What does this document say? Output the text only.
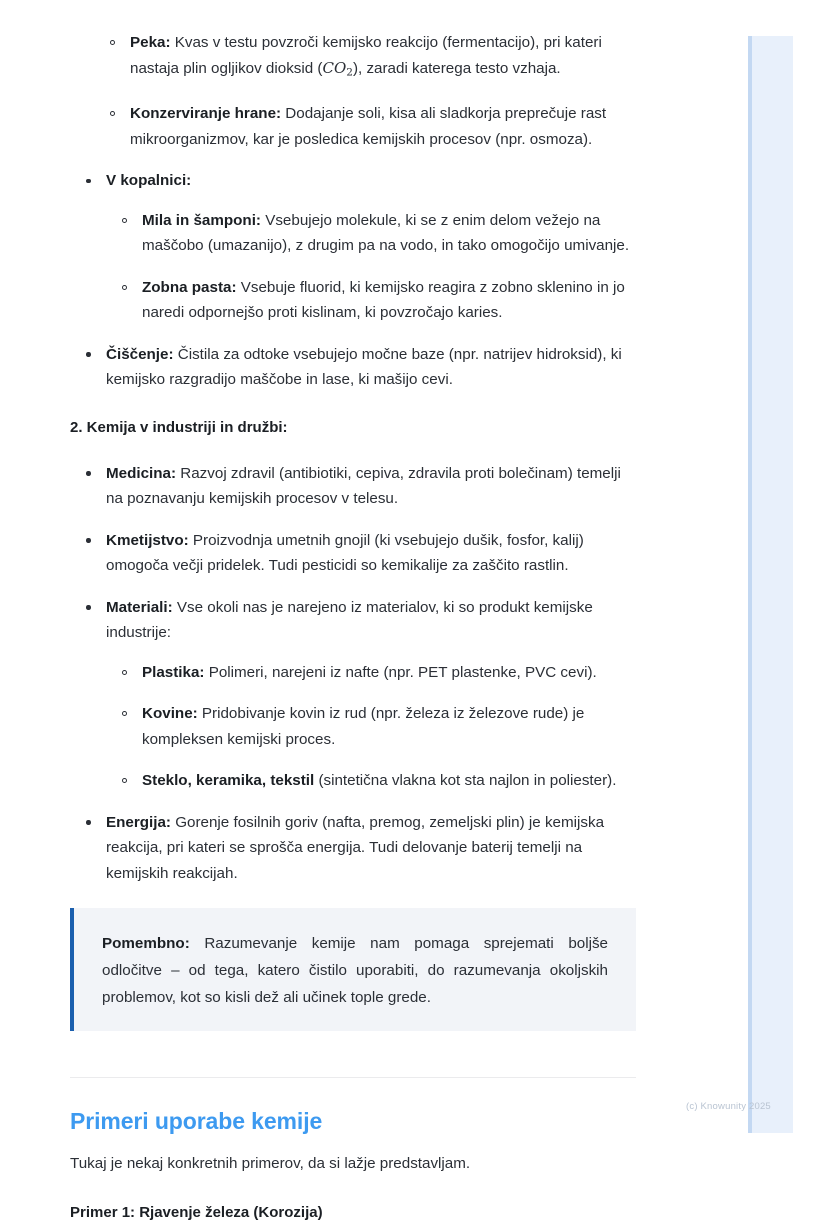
Peka: Kvas v testu povzroči kemijsko reakcijo (fermentacijo), pri kateri nastaja plin ogljikov dioksid $(CO_2)$, zaradi katerega testo vzhaja.
Konzerviranje hrane: Dodajanje soli, kisa ali sladkorja preprečuje rast mikroorganizmov, kar je posledica kemijskih procesov (npr. osmoza).
V kopalnici:
Mila in šamponi: Vsebujejo molekule, ki se z enim delom vežejo na maščobo (umazanijo), z drugim pa na vodo, in tako omogočijo umivanje.
Zobna pasta: Vsebuje fluorid, ki kemijsko reagira z zobno sklenino in jo naredi odpornejšo proti kislinam, ki povzročajo karies.
Čiščenje: Čistila za odtoke vsebujejo močne baze (npr. natrijev hidroksid), ki kemijsko razgradijo maščobe in lase, ki mašijo cevi.
2. Kemija v industriji in družbi:
Medicina: Razvoj zdravil (antibiotiki, cepiva, zdravila proti bolečinam) temelji na poznavanju kemijskih procesov v telesu.
Kmetijstvo: Proizvodnja umetnih gnojil (ki vsebujejo dušik, fosfor, kalij) omogoča večji pridelek. Tudi pesticidi so kemikalije za zaščito rastlin.
Materiali: Vse okoli nas je narejeno iz materialov, ki so produkt kemijske industrije:
Plastika: Polimeri, narejeni iz nafte (npr. PET plastenke, PVC cevi).
Kovine: Pridobivanje kovin iz rud (npr. železa iz železove rude) je kompleksen kemijski proces.
Steklo, keramika, tekstil (sintetična vlakna kot sta najlon in poliester).
Energija: Gorenje fosilnih goriv (nafta, premog, zemeljski plin) je kemijska reakcija, pri kateri se sprošča energija. Tudi delovanje baterij temelji na kemijskih reakcijah.

Pomembno: Razumevanje kemije nam pomaga sprejemati boljše odločitve – od tega, katero čistilo uporabiti, do razumevanja okoljskih problemov, kot so kisli dež ali učinek tople grede.

Primeri uporabe kemije

Tukaj je nekaj konkretnih primerov, da si lažje predstavljam.

Primer 1: Rjavenje železa (Korozija)
(c) Knowunity 2025
